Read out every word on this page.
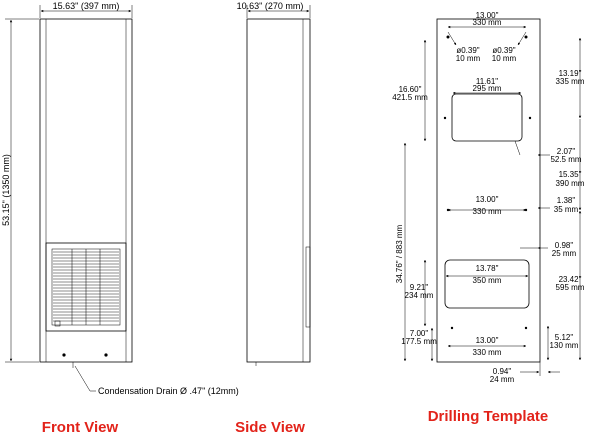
Condensation Drain Ø .47" (12mm)
15.63" (397 mm)
53.15" (1350 mm)
Front View
10.63" (270 mm)
Side View
13.00"
330 mm
ø0.39"
10 mm
ø0.39"
10 mm
11.61"
295 mm
16.60"
421.5 mm
13.19"
335 mm
2.07"
52.5 mm
15.35"
390 mm
13.00"
330 mm
1.38"
35 mm
34.76" / 883 mm	0.98"
25 mm
13.78"
350 mm
9.21"
234 mm
23.42"
595 mm
7.00"
177.5 mm	13.00"
330 mm
5.12"
130 mm
0.94"
24 mm
Drilling Template
